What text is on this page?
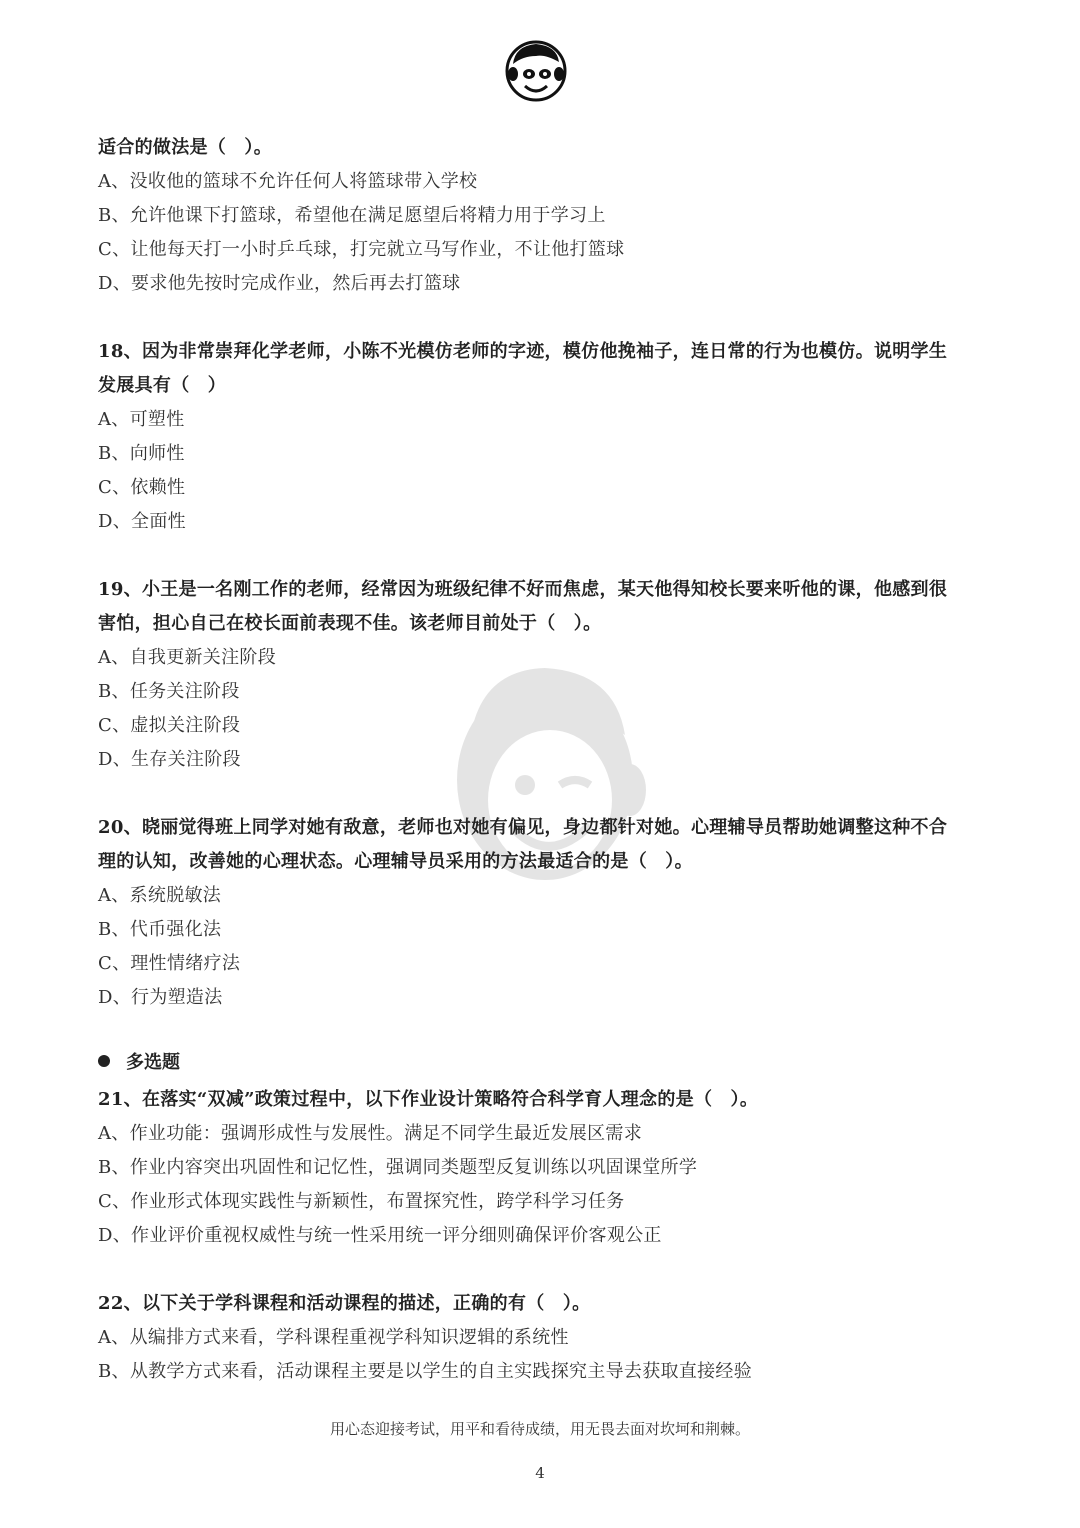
适合的做法是（　）。
A、没收他的篮球不允许任何人将篮球带入学校
B、允许他课下打篮球，希望他在满足愿望后将精力用于学习上
C、让他每天打一小时乒乓球，打完就立马写作业，不让他打篮球
D、要求他先按时完成作业，然后再去打篮球
18、因为非常崇拜化学老师，小陈不光模仿老师的字迹，模仿他挽袖子，连日常的行为也模仿。说明学生
发展具有（　）
A、可塑性
B、向师性
C、依赖性
D、全面性
19、小王是一名刚工作的老师，经常因为班级纪律不好而焦虑，某天他得知校长要来听他的课，他感到很
害怕，担心自己在校长面前表现不佳。该老师目前处于（　）。
A、自我更新关注阶段
B、任务关注阶段
C、虚拟关注阶段
D、生存关注阶段
20、晓丽觉得班上同学对她有敌意，老师也对她有偏见，身边都针对她。心理辅导员帮助她调整这种不合
理的认知，改善她的心理状态。心理辅导员采用的方法最适合的是（　）。
A、系统脱敏法
B、代币强化法
C、理性情绪疗法
D、行为塑造法
多选题
21、在落实“双减”政策过程中，以下作业设计策略符合科学育人理念的是（　）。
A、作业功能：强调形成性与发展性。满足不同学生最近发展区需求
B、作业内容突出巩固性和记忆性，强调同类题型反复训练以巩固课堂所学
C、作业形式体现实践性与新颖性，布置探究性，跨学科学习任务
D、作业评价重视权威性与统一性采用统一评分细则确保评价客观公正
22、以下关于学科课程和活动课程的描述，正确的有（　）。
A、从编排方式来看，学科课程重视学科知识逻辑的系统性
B、从教学方式来看，活动课程主要是以学生的自主实践探究主导去获取直接经验
用心态迎接考试，用平和看待成绩，用无畏去面对坎坷和荆棘。
4
